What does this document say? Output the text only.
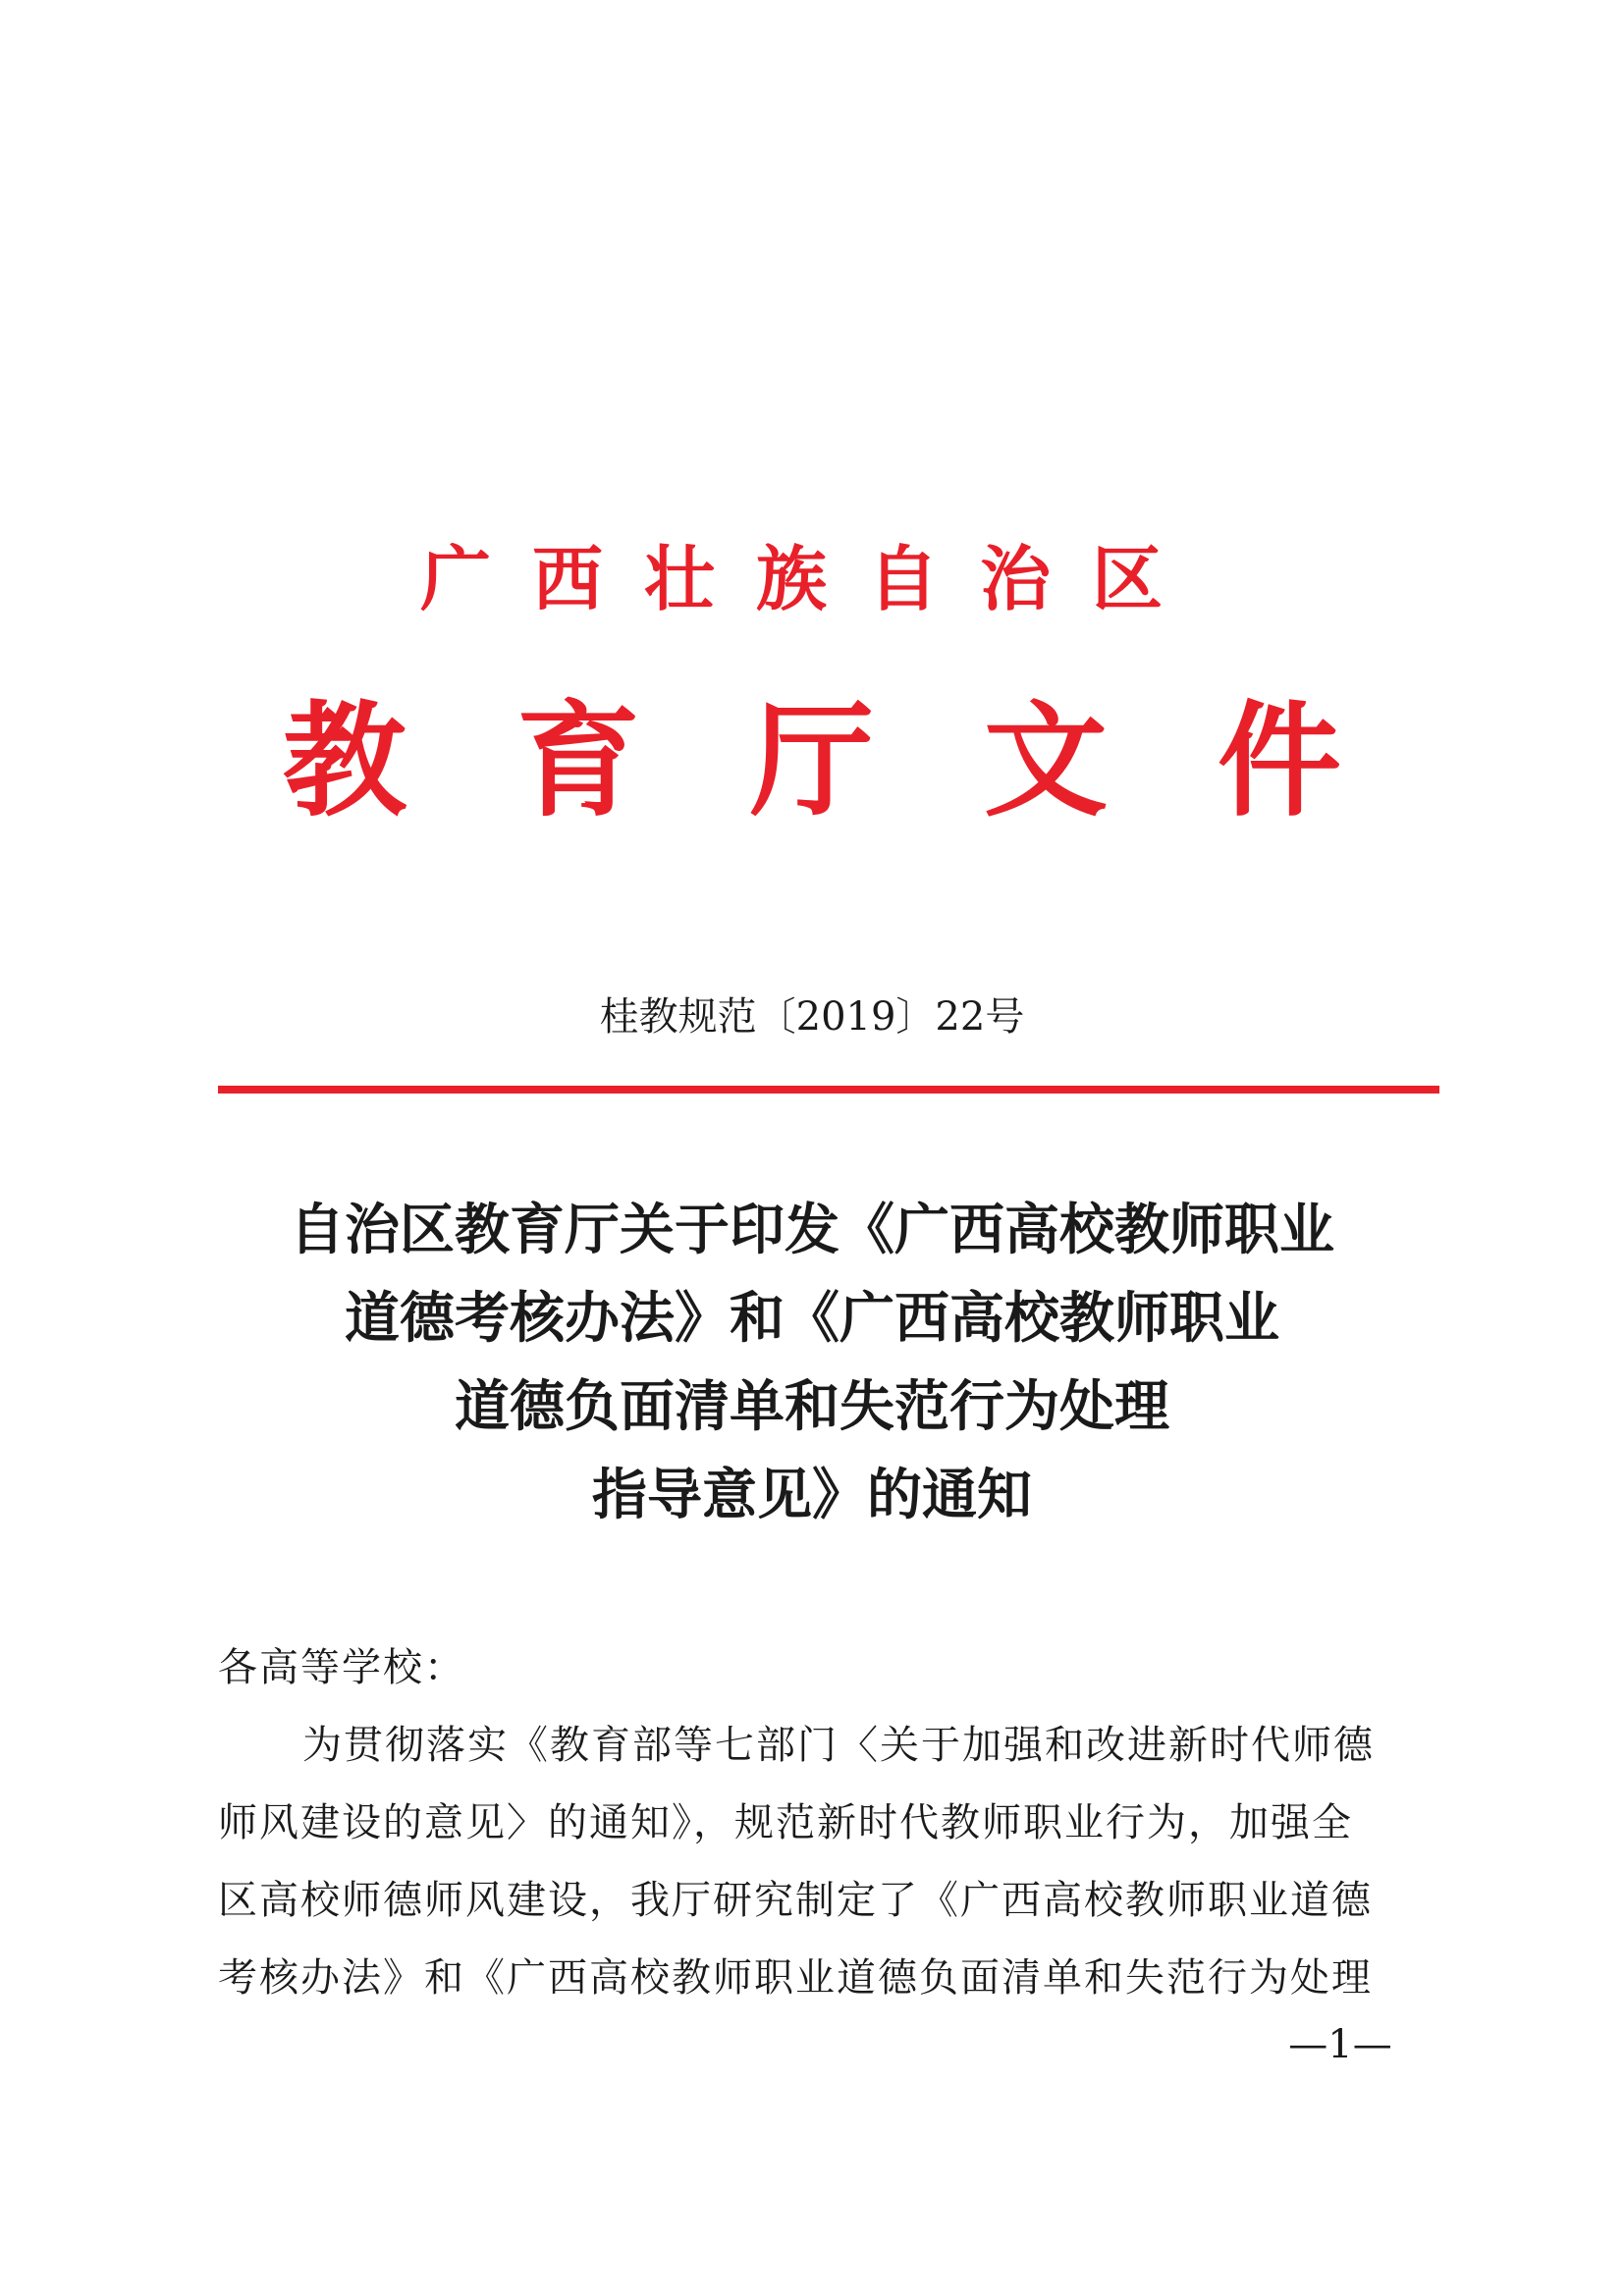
广西壮族自治区
教育厅文件
桂教规范〔2019〕22号
自治区教育厅关于印发《广西高校教师职业
道德考核办法》和《广西高校教师职业
道德负面清单和失范行为处理
指导意见》的通知

各高等学校：

为贯彻落实《教育部等七部门〈关于加强和改进新时代师德

师风建设的意见〉的通知》，规范新时代教师职业行为，加强全

区高校师德师风建设，我厅研究制定了《广西高校教师职业道德

考核办法》和《广西高校教师职业道德负面清单和失范行为处理

—1—
